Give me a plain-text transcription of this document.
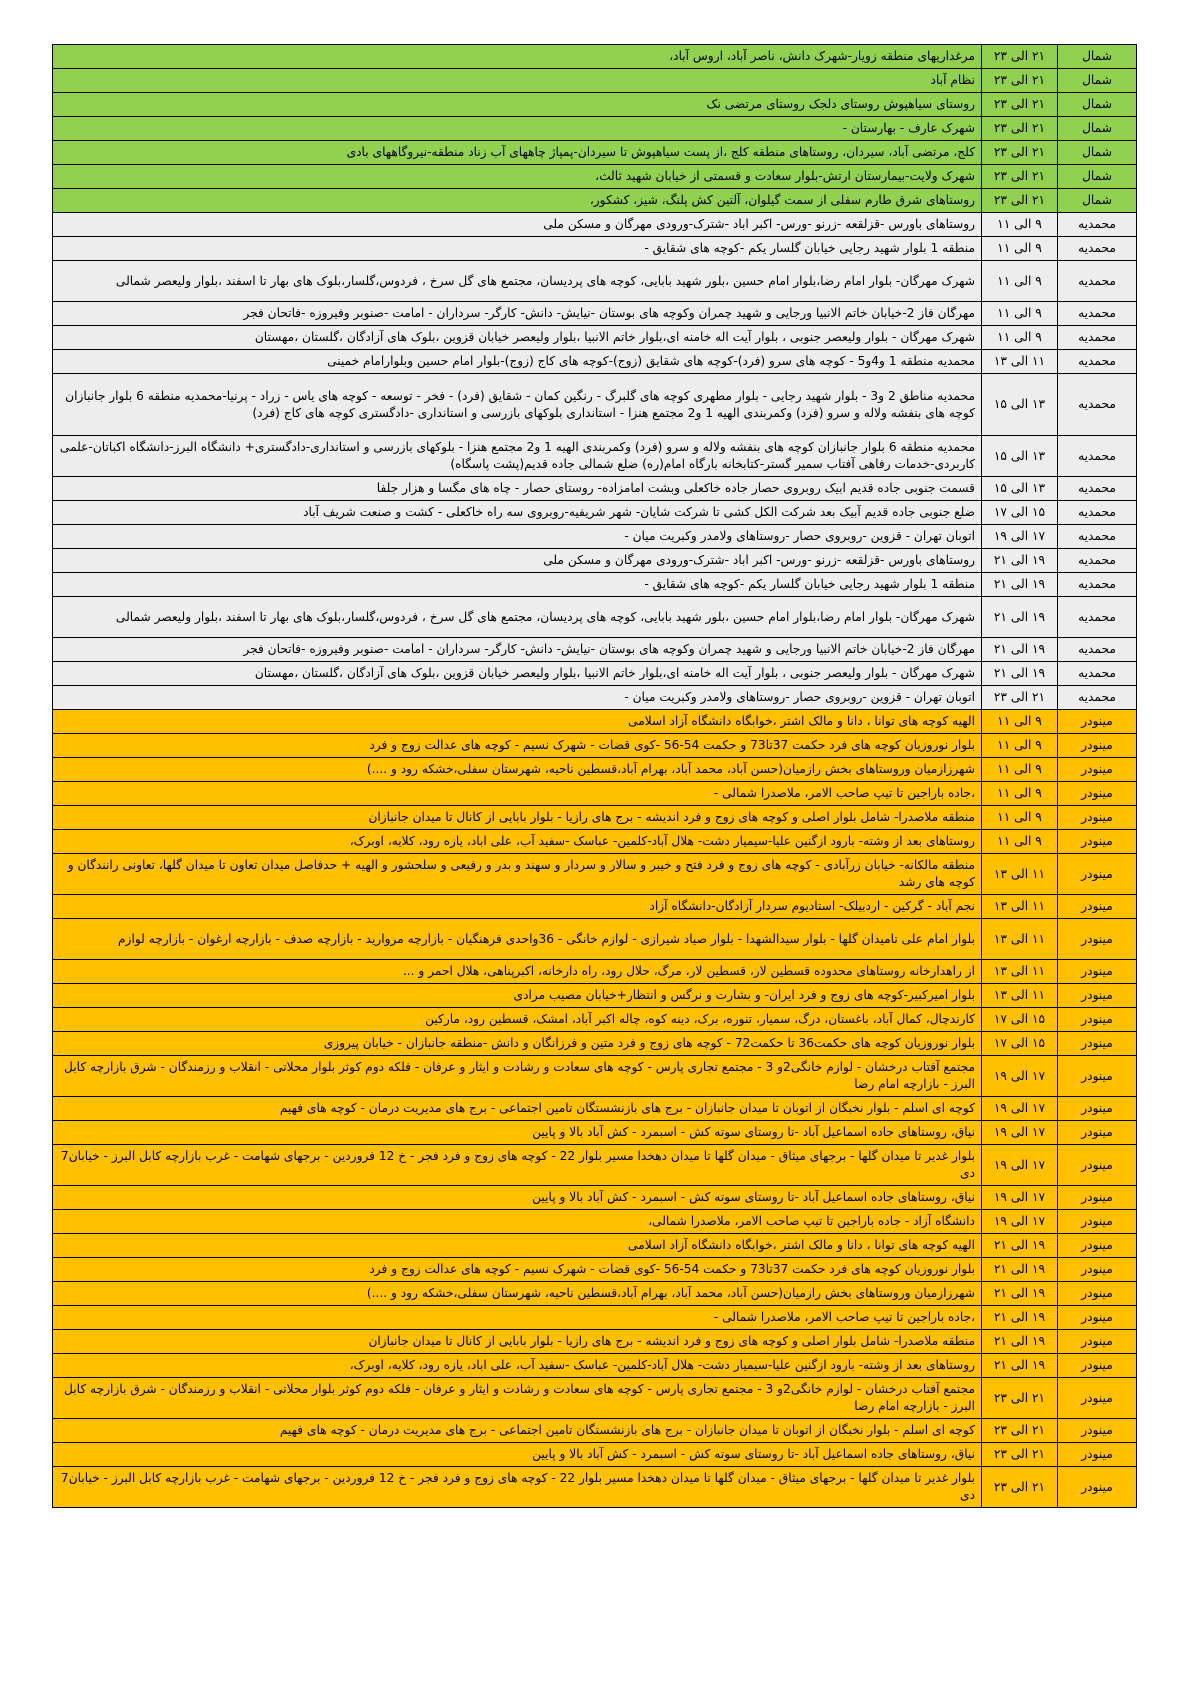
شمال	۲۱ الی ۲۳	مرغداریهای منطقه زویار-شهرک دانش، ناصر آباد، اروس آباد،
شمال	۲۱ الی ۲۳	نظام آباد
شمال	۲۱ الی ۲۳	روستای سیاهپوش روستای دلجک روستای مرتضی نک
شمال	۲۱ الی ۲۳	شهرک عارف - بهارستان -
شمال	۲۱ الی ۲۳	کلج، مرتضی آباد، سیردان، روستاهای منطقه کلج ،از پست سیاهپوش تا سیردان-پمپاژ چاههای آب زناد منطقه-نیروگاههای بادی
شمال	۲۱ الی ۲۳	شهرک ولایت-بیمارستان ارتش-بلوار سعادت و قسمتی از خیابان شهید ثالث،
شمال	۲۱ الی ۲۳	روستاهای شرق طارم سفلی از سمت گیلوان، آلتین کش پلنگ، شیز، کشکور،
محمدیه	۹ الی ۱۱	روستاهای باورس -قزلقعه -زرنو -ورس- اکبر اباد -شترک-ورودی مهرگان و مسکن ملی
محمدیه	۹ الی ۱۱	منطقه 1 بلوار شهید رجایی خیابان گلسار یکم -کوچه های شقایق -
محمدیه	۹ الی ۱۱	شهرک مهرگان- بلوار امام رضا،بلوار امام حسین ،بلور شهید بابایی، کوچه های پردیسان، مجتمع های گل سرخ ، فردوس،گلسار،بلوک های بهار تا اسفند ،بلوار ولیعصر شمالی
محمدیه	۹ الی ۱۱	مهرگان فاز 2-خیابان خاتم الانبیا ورجایی و شهید چمران وکوچه های بوستان -نیایش- دانش- کارگر- سرداران - امامت -صنوبر وفیروزه -فاتحان فجر
محمدیه	۹ الی ۱۱	شهرک مهرگان - بلوار ولیعصر جنوبی ، بلوار آیت اله خامنه ای،بلوار خاتم الانبیا ،بلوار ولیعصر خیابان قزوین ،بلوک های آزادگان ،گلستان ،مهستان
محمدیه	۱۱ الی ۱۳	محمدیه منطقه 1 و4و5 - کوچه های سرو (فرد)-کوچه های شقایق (زوج)-کوچه های کاج (زوج)-بلوار امام حسین وبلوارامام خمینی
محمدیه	۱۳ الی ۱۵	محمدیه مناطق 2 و3 - بلوار شهید رجایی - بلوار مطهری کوچه های گلبرگ - رنگین کمان - شقایق (فرد) - فخر - توسعه - کوچه های یاس - زراد - پرنیا-محمدیه منطقه 6 بلوار جانبازان کوچه های بنفشه ولاله و سرو (فرد) وکمربندی الهیه 1 و2 مجتمع هنزا - استانداری بلوکهای بازرسی و استانداری -دادگستری کوچه های کاج (فرد)
محمدیه	۱۳ الی ۱۵	محمدیه منطقه 6 بلوار جانبازان کوچه های بنفشه ولاله و سرو (فرد) وکمربندی الهیه 1 و2 مجتمع هنزا - بلوکهای بازرسی و استانداری-دادگستری+ دانشگاه البرز-دانشگاه اکباتان-علمی کاربردی-خدمات رفاهی آفتاب سمیر گستر-کتابخانه بارگاه امام(ره) ضلع شمالی جاده قدیم(پشت پاسگاه)
محمدیه	۱۳ الی ۱۵	قسمت جنوبی جاده قدیم ابیک روبروی حصار جاده خاکعلی وبشت امامزاده- روستای حصار - چاه های مگسا و هزار جلفا
محمدیه	۱۵ الی ۱۷	ضلع جنوبی جاده قدیم آبیک بعد شرکت الکل کشی تا شرکت شایان- شهر شریفیه-روبروی سه راه خاکعلی - کشت و صنعت شریف آباد
محمدیه	۱۷ الی ۱۹	اتوبان تهران - قزوین -روبروی حصار -روستاهای ولامدر وکبریت میان -
محمدیه	۱۹ الی ۲۱	روستاهای باورس -قزلقعه -زرنو -ورس- اکبر اباد -شترک-ورودی مهرگان و مسکن ملی
محمدیه	۱۹ الی ۲۱	منطقه 1 بلوار شهید رجایی خیابان گلسار یکم -کوچه های شقایق -
محمدیه	۱۹ الی ۲۱	شهرک مهرگان- بلوار امام رضا،بلوار امام حسین ،بلور شهید بابایی، کوچه های پردیسان، مجتمع های گل سرخ ، فردوس،گلسار،بلوک های بهار تا اسفند ،بلوار ولیعصر شمالی
محمدیه	۱۹ الی ۲۱	مهرگان فاز 2-خیابان خاتم الانبیا ورجایی و شهید چمران وکوچه های بوستان -نیایش- دانش- کارگر- سرداران - امامت -صنوبر وفیروزه -فاتحان فجر
محمدیه	۱۹ الی ۲۱	شهرک مهرگان - بلوار ولیعصر جنوبی ، بلوار آیت اله خامنه ای،بلوار خاتم الانبیا ،بلوار ولیعصر خیابان قزوین ،بلوک های آزادگان ،گلستان ،مهستان
محمدیه	۲۱ الی ۲۳	اتوبان تهران - قزوین -روبروی حصار -روستاهای ولامدر وکبریت میان -
مینودر	۹ الی ۱۱	الهیه کوچه های توانا ، دانا و مالک اشتر ،خوابگاه دانشگاه آزاد اسلامی
مینودر	۹ الی ۱۱	بلوار نوروزیان کوچه های فرد حکمت 37تا73 و حکمت 54-56 -کوی قضات - شهرک نسیم - کوچه های عدالت زوج و فرد
مینودر	۹ الی ۱۱	شهرزازمیان وروستاهای بخش رازمیان(حسن آباد، محمد آباد، بهرام آباد،قسطین ناحیه، شهرستان سفلی،خشکه رود و ....)
مینودر	۹ الی ۱۱	،جاده باراجین تا تیپ صاحب الامر، ملاصدرا شمالی -
مینودر	۹ الی ۱۱	منطقه ملاصدرا- شامل بلوار اصلی و کوچه های زوج و فرد اندیشه - برج های رازیا - بلوار بابایی از کانال تا میدان جانبازان
مینودر	۹ الی ۱۱	روستاهای بعد از وشته- بارود ازگنین علیا-سیمیار دشت- هلال آباد-کلمین- عباسک -سفید آب، علی اباد، یازه رود، کلایه، اوبرک،
مینودر	۱۱ الی ۱۳	منطقه مالکانه- خیابان زرآبادی - کوچه های زوج و فرد فتح و خیبر و سالار و سردار و سهند و بدر و رفیعی و سلحشور و الهیه + حدفاصل میدان تعاون تا میدان گلها، تعاونی رانندگان و کوچه های رشد
مینودر	۱۱ الی ۱۳	نجم آباد - گرکین - اردبیلک- استادیوم سردار آزادگان-دانشگاه آزاد
مینودر	۱۱ الی ۱۳	بلوار امام علی تامیدان گلها - بلوار سیدالشهدا - بلوار صیاد شیرازی - لوازم خانگی - 36واحدی فرهنگیان - بازارچه مروارید - بازارچه صدف - بازارچه ارغوان - بازارچه لوازم
مینودر	۱۱ الی ۱۳	از راهدارخانه روستاهای محدوده قسطین لار، قسطین لار، مرگ، حلال رود، راه دارخانه، اکبرپناهی، هلال احمر و ...
مینودر	۱۱ الی ۱۳	بلوار امیرکبیر-کوچه های زوج و فرد ایران- و بشارت و نرگس و انتظار+خیابان مصیب مرادی
مینودر	۱۵ الی ۱۷	کارندچال، کمال آباد، باغستان، درگ، سمیار، تنوره، برک، دینه کوه، چاله اکبر آباد، امشک، قسطین رود، مارکین
مینودر	۱۵ الی ۱۷	بلوار نوروزیان کوچه های حکمت36 تا حکمت72 - کوچه های زوج و فرد متین و فرزانگان و دانش -منطقه جانبازان - خیابان پیروزی
مینودر	۱۷ الی ۱۹	مجتمع آفتاب درخشان - لوازم خانگی2و 3 - مجتمع تجاری پارس - کوچه های سعادت و رشادت و ایثار و عرفان - فلکه دوم کوثر بلوار محلاتی - انقلاب و رزمندگان - شرق بازارچه کابل البرز - بازارچه امام رضا
مینودر	۱۷ الی ۱۹	کوچه ای اسلم - بلوار نخبگان از اتوبان تا میدان جانبازان - برج های بازنشستگان تامین اجتماعی - برج های مدیریت درمان - کوچه های فهیم
مینودر	۱۷ الی ۱۹	نیاق، روستاهای جاده اسماعیل آباد -تا روستای سوته کش - اسبمرد - کش آباد بالا و پایین
مینودر	۱۷ الی ۱۹	بلوار غدیر تا میدان گلها - برجهای میثاق - میدان گلها تا میدان دهخدا مسیر بلوار 22 - کوچه های زوج و فرد فجر - خ 12 فروردین - برجهای شهامت - غرب بازارچه کابل البرز - خیابان7 دی
مینودر	۱۷ الی ۱۹	نیاق، روستاهای جاده اسماعیل آباد -تا روستای سوته کش - اسبمرد - کش آباد بالا و پایین
مینودر	۱۷ الی ۱۹	دانشگاه آزاد - جاده باراجین تا تیپ صاحب الامر، ملاصدرا شمالی،
مینودر	۱۹ الی ۲۱	الهیه کوچه های توانا ، دانا و مالک اشتر ،خوابگاه دانشگاه آزاد اسلامی
مینودر	۱۹ الی ۲۱	بلوار نوروزیان کوچه های فرد حکمت 37تا73 و حکمت 54-56 -کوی قضات - شهرک نسیم - کوچه های عدالت زوج و فرد
مینودر	۱۹ الی ۲۱	شهرزازمیان وروستاهای بخش رازمیان(حسن آباد، محمد آباد، بهرام آباد،قسطین ناحیه، شهرستان سفلی،خشکه رود و ....)
مینودر	۱۹ الی ۲۱	،جاده باراجین تا تیپ صاحب الامر، ملاصدرا شمالی -
مینودر	۱۹ الی ۲۱	منطقه ملاصدرا- شامل بلوار اصلی و کوچه های زوج و فرد اندیشه - برج های رازیا - بلوار بابایی از کانال تا میدان جانبازان
مینودر	۱۹ الی ۲۱	روستاهای بعد از وشته- بارود ازگنین علیا-سیمیار دشت- هلال آباد-کلمین- عباسک -سفید آب، علی اباد، یازه رود، کلایه، اوبرک،
مینودر	۲۱ الی ۲۳	مجتمع آفتاب درخشان - لوازم خانگی2و 3 - مجتمع تجاری پارس - کوچه های سعادت و رشادت و ایثار و عرفان - فلکه دوم کوثر بلوار محلاتی - انقلاب و رزمندگان - شرق بازارچه کابل البرز - بازارچه امام رضا
مینودر	۲۱ الی ۲۳	کوچه ای اسلم - بلوار نخبگان از اتوبان تا میدان جانبازان - برج های بازنشستگان تامین اجتماعی - برج های مدیریت درمان - کوچه های فهیم
مینودر	۲۱ الی ۲۳	نیاق، روستاهای جاده اسماعیل آباد -تا روستای سوته کش - اسبمرد - کش آباد بالا و پایین
مینودر	۲۱ الی ۲۳	بلوار غدیر تا میدان گلها - برجهای میثاق - میدان گلها تا میدان دهخدا مسیر بلوار 22 - کوچه های زوج و فرد فجر - خ 12 فروردین - برجهای شهامت - غرب بازارچه کابل البرز - خیابان7 دی
